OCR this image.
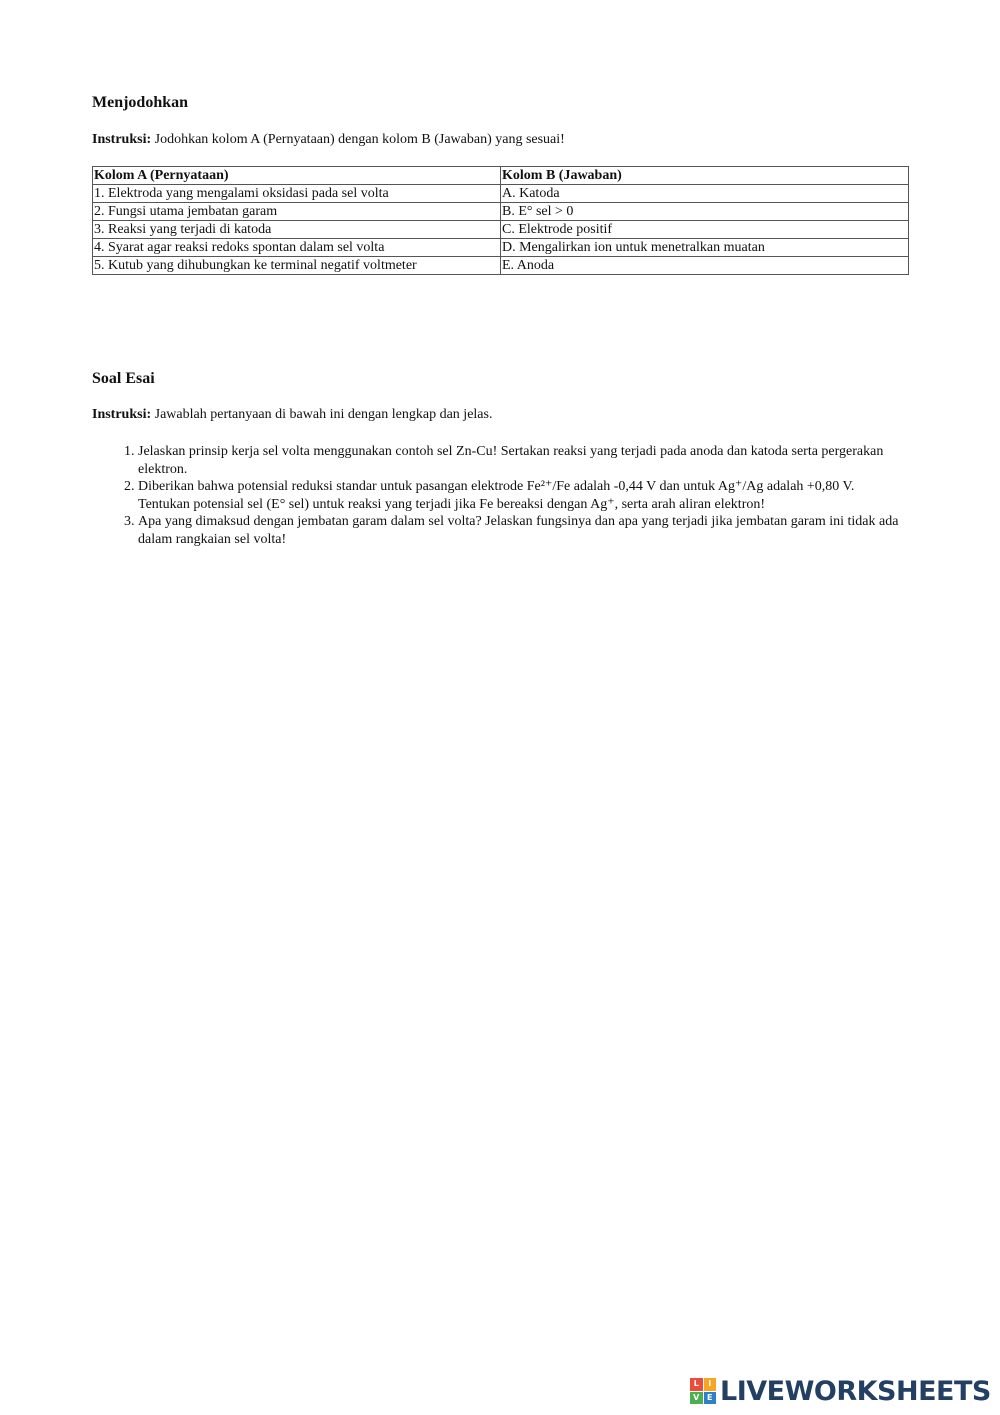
Menjodohkan

Instruksi: Jodohkan kolom A (Pernyataan) dengan kolom B (Jawaban) yang sesuai!

Kolom A (Pernyataan)	Kolom B (Jawaban)
1. Elektroda yang mengalami oksidasi pada sel volta	A. Katoda
2. Fungsi utama jembatan garam	B. E° sel > 0
3. Reaksi yang terjadi di katoda	C. Elektrode positif
4. Syarat agar reaksi redoks spontan dalam sel volta	D. Mengalirkan ion untuk menetralkan muatan
5. Kutub yang dihubungkan ke terminal negatif voltmeter	E. Anoda
Soal Esai

Instruksi: Jawablah pertanyaan di bawah ini dengan lengkap dan jelas.

1. Jelaskan prinsip kerja sel volta menggunakan contoh sel Zn-Cu! Sertakan reaksi yang terjadi pada anoda dan katoda serta pergerakan elektron.
2. Diberikan bahwa potensial reduksi standar untuk pasangan elektrode Fe²⁺/Fe adalah -0,44 V dan untuk Ag⁺/Ag adalah +0,80 V. Tentukan potensial sel (E° sel) untuk reaksi yang terjadi jika Fe bereaksi dengan Ag⁺, serta arah aliran elektron!
3. Apa yang dimaksud dengan jembatan garam dalam sel volta? Jelaskan fungsinya dan apa yang terjadi jika jembatan garam ini tidak ada dalam rangkaian sel volta!
L	I
V E LIVEWORKSHEETS
